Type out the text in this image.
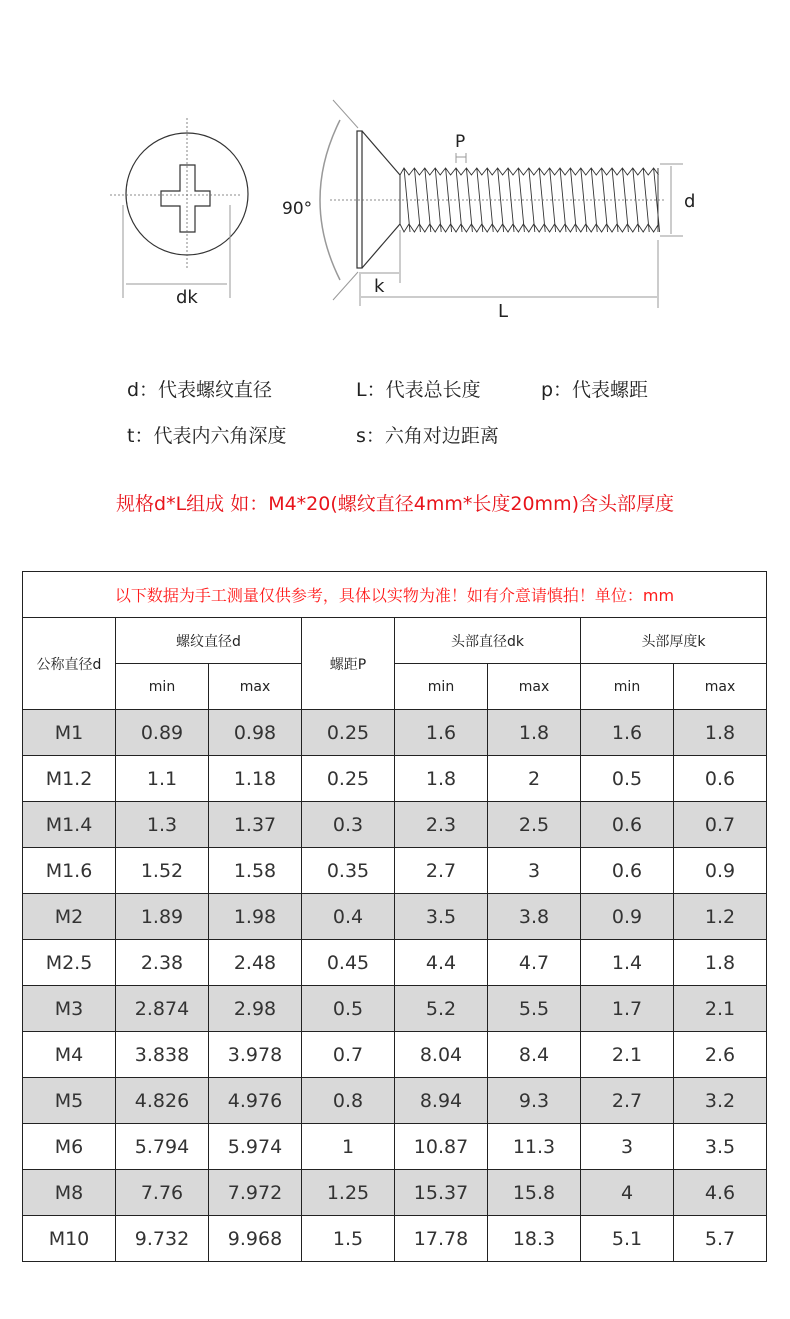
dk
90°
P
d
k
L
d：代表螺纹直径	L：代表总长度	p：代表螺距
t：代表内六角深度	s：六角对边距离
规格d*L组成 如：M4*20(螺纹直径4mm*长度20mm)含头部厚度
以下数据为手工测量仅供参考，具体以实物为准！如有介意请慎拍！单位：mm							
公称直径d	螺纹直径d		螺距P	头部直径dk		头部厚度k	
	min	max		min	max	min	max
M1	0.89	0.98	0.25	1.6	1.8	1.6	1.8
M1.2	1.1	1.18	0.25	1.8	2	0.5	0.6
M1.4	1.3	1.37	0.3	2.3	2.5	0.6	0.7
M1.6	1.52	1.58	0.35	2.7	3	0.6	0.9
M2	1.89	1.98	0.4	3.5	3.8	0.9	1.2
M2.5	2.38	2.48	0.45	4.4	4.7	1.4	1.8
M3	2.874	2.98	0.5	5.2	5.5	1.7	2.1
M4	3.838	3.978	0.7	8.04	8.4	2.1	2.6
M5	4.826	4.976	0.8	8.94	9.3	2.7	3.2
M6	5.794	5.974	1	10.87	11.3	3	3.5
M8	7.76	7.972	1.25	15.37	15.8	4	4.6
M10	9.732	9.968	1.5	17.78	18.3	5.1	5.7
